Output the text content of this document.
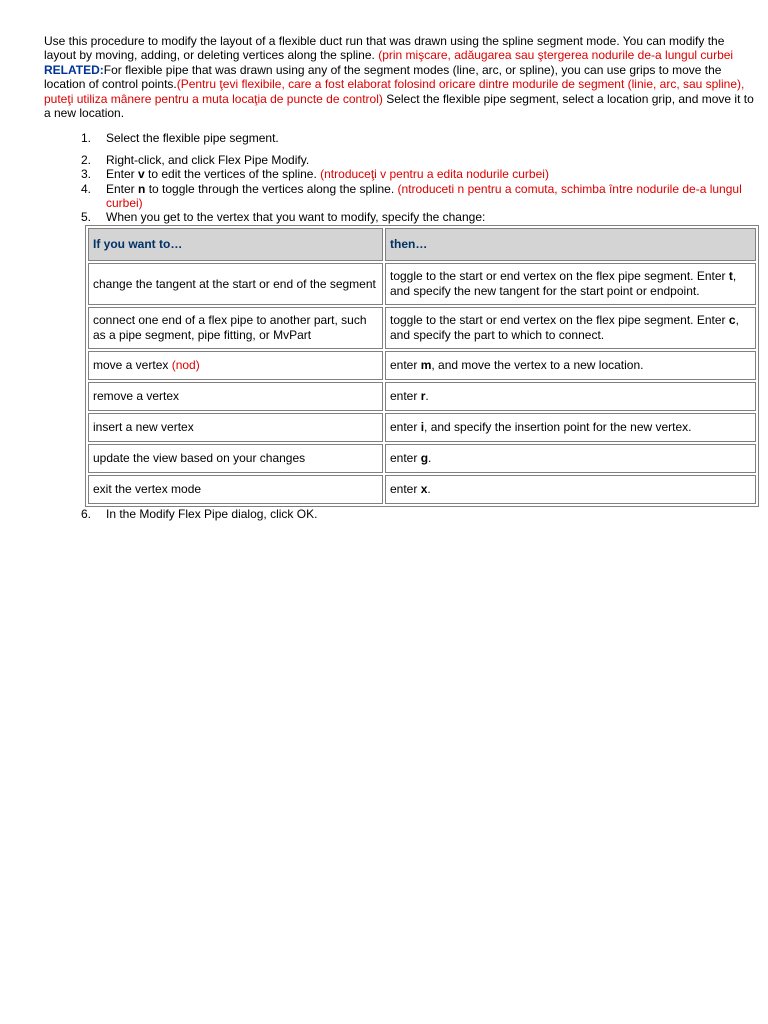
Use this procedure to modify the layout of a flexible duct run that was drawn using the spline segment mode. You can modify the layout by moving, adding, or deleting vertices along the spline. (prin mişcare, adăugarea sau ştergerea nodurile de-a lungul curbei

RELATED:For flexible pipe that was drawn using any of the segment modes (line, arc, or spline), you can use grips to move the location of control points.(Pentru ţevi flexibile, care a fost elaborat folosind oricare dintre modurile de segment (linie, arc, sau spline), puteţi utiliza mânere pentru a muta locaţia de puncte de control) Select the flexible pipe segment, select a location grip, and move it to a new location.

1. Select the flexible pipe segment.
2. Right-click, and click Flex Pipe Modify.
3. Enter v to edit the vertices of the spline. (ntroduceţi v pentru a edita nodurile curbei)
4. Enter n to toggle through the vertices along the spline. (ntroduceti n pentru a comuta, schimba între nodurile de-a lungul curbei)
5. When you get to the vertex that you want to modify, specify the change:
If you want to…	then…
change the tangent at the start or end of the segment	toggle to the start or end vertex on the flex pipe segment. Enter t, and specify the new tangent for the start point or endpoint.
connect one end of a flex pipe to another part, such as a pipe segment, pipe fitting, or MvPart	toggle to the start or end vertex on the flex pipe segment. Enter c, and specify the part to which to connect.
move a vertex (nod)	enter m, and move the vertex to a new location.
remove a vertex	enter r.
insert a new vertex	enter i, and specify the insertion point for the new vertex.
update the view based on your changes	enter g.
exit the vertex mode	enter x.
6. In the Modify Flex Pipe dialog, click OK.
